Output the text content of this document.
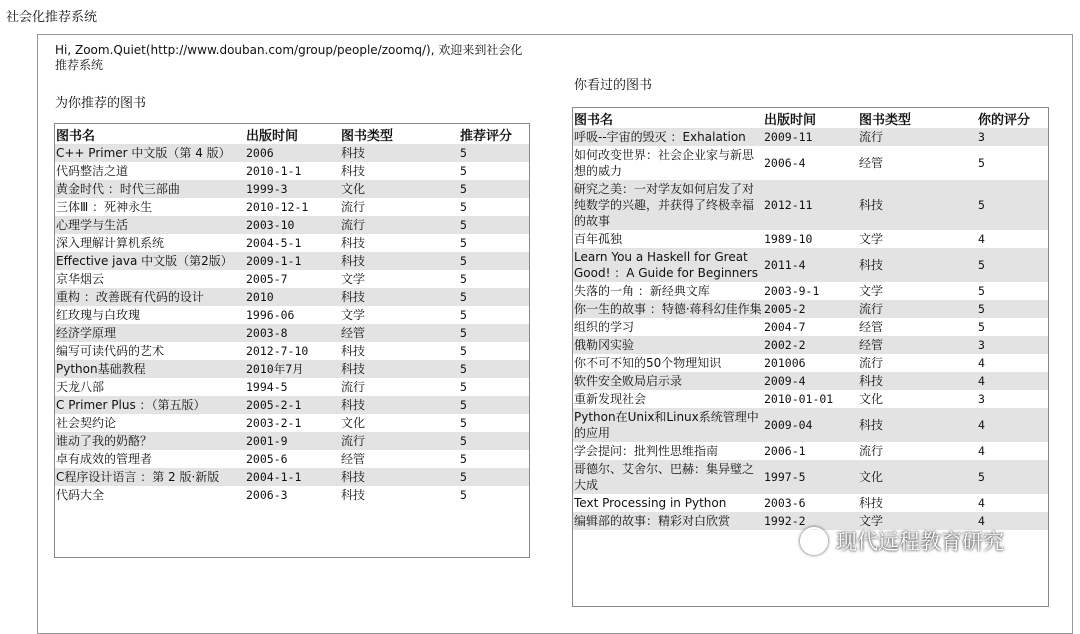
社会化推荐系统
Hi, Zoom.Quiet(http://www.douban.com/group/people/zoomq/), 欢迎来到社会化
推荐系统
为你推荐的图书
你看过的图书
图书名	出版时间	图书类型	推荐评分
C++ Primer 中文版（第 4 版）	2006	科技	5
代码整洁之道	2010-1-1	科技	5
黄金时代 ：时代三部曲	1999-3	文化	5
三体Ⅲ ：死神永生	2010-12-1	流行	5
心理学与生活	2003-10	流行	5
深入理解计算机系统	2004-5-1	科技	5
Effective java 中文版（第2版）	2009-1-1	科技	5
京华烟云	2005-7	文学	5
重构 ：改善既有代码的设计	2010	科技	5
红玫瑰与白玫瑰	1996-06	文学	5
经济学原理	2003-8	经管	5
编写可读代码的艺术	2012-7-10	科技	5
Python基础教程	2010年7月	科技	5
天龙八部	1994-5	流行	5
C Primer Plus ：（第五版）	2005-2-1	科技	5
社会契约论	2003-2-1	文化	5
谁动了我的奶酪？	2001-9	流行	5
卓有成效的管理者	2005-6	经管	5
C程序设计语言 ：第 2 版·新版	2004-1-1	科技	5
代码大全	2006-3	科技	5
图书名	出版时间	图书类型	你的评分
呼吸--宇宙的毁灭 ：Exhalation	2009-11	流行	3
如何改变世界：社会企业家与新思想的威力	2006-4	经管	5
研究之美：一对学友如何启发了对纯数学的兴趣，并获得了终极幸福的故事	2012-11	科技	5
百年孤独	1989-10	文学	4
Learn You a Haskell for Great Good! ：A Guide for Beginners	2011-4	科技	5
失落的一角 ：新经典文库	2003-9-1	文学	5
你一生的故事 ：特德·蒋科幻佳作集	2005-2	流行	5
组织的学习	2004-7	经管	5
俄勒冈实验	2002-2	经管	3
你不可不知的50个物理知识	201006	流行	4
软件安全败局启示录	2009-4	科技	4
重新发现社会	2010-01-01	文化	3
Python在Unix和Linux系统管理中的应用	2009-04	科技	4
学会提问：批判性思维指南	2006-1	流行	4
哥德尔、艾舍尔、巴赫：集异璧之大成	1997-5	文化	5
Text Processing in Python	2003-6	科技	4
编辑部的故事：精彩对白欣赏	1992-2	文学	4
现代远程教育研究
